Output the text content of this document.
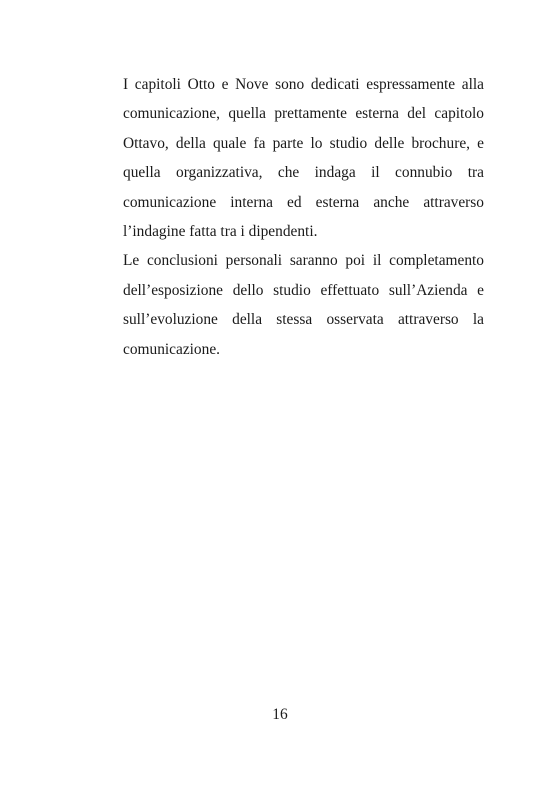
I capitoli Otto e Nove sono dedicati espressamente alla comunicazione, quella prettamente esterna del capitolo Ottavo, della quale fa parte lo studio delle brochure, e quella organizzativa, che indaga il connubio tra comunicazione interna ed esterna anche attraverso l’indagine fatta tra i dipendenti.

Le conclusioni personali saranno poi il completamento dell’esposizione dello studio effettuato sull’Azienda e sull’evoluzione della stessa osservata attraverso la comunicazione.

16
